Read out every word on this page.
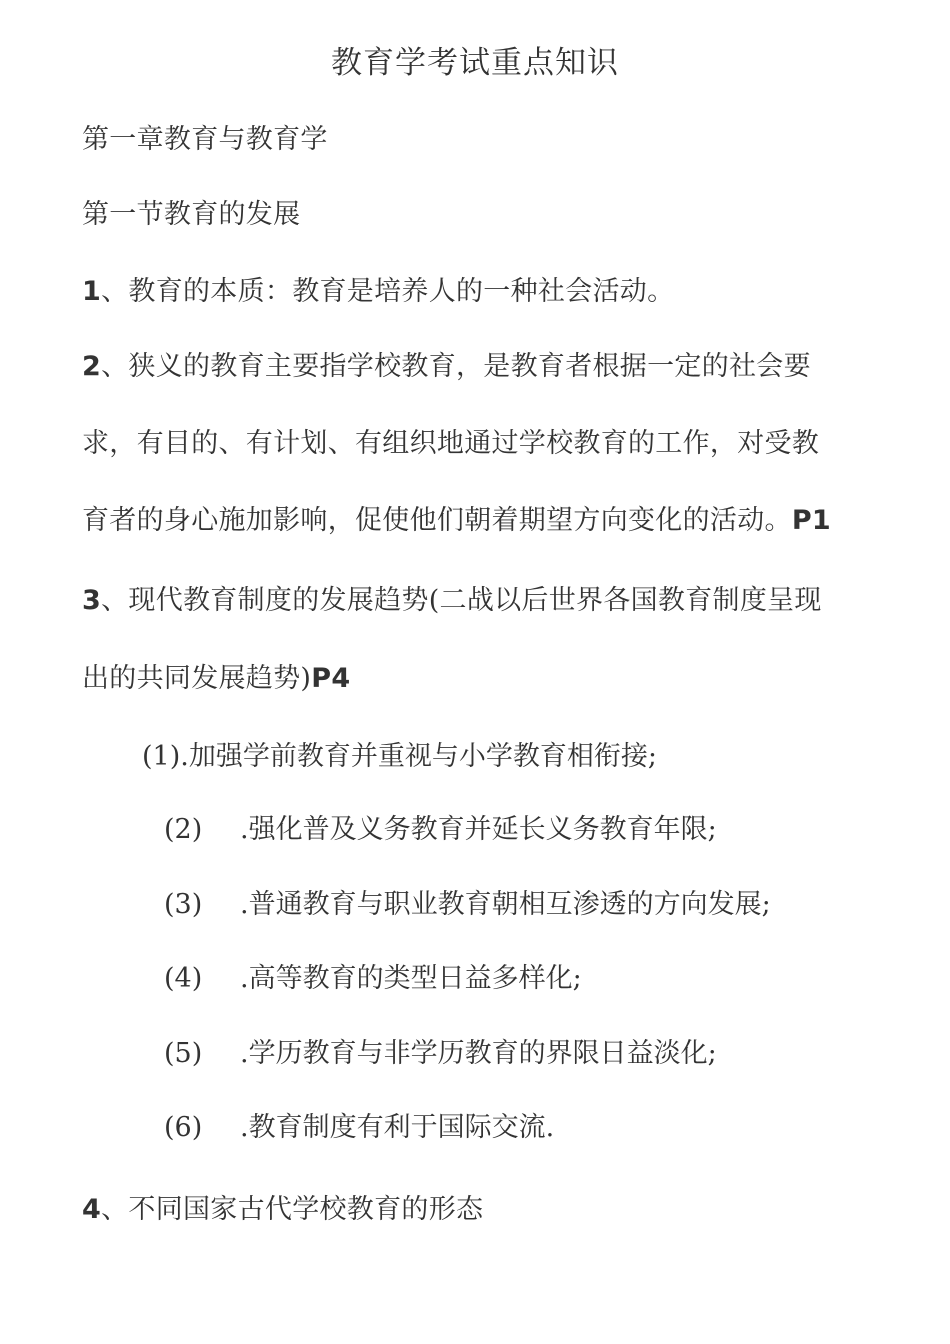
教育学考试重点知识
第一章教育与教育学
第一节教育的发展
1、教育的本质：教育是培养人的一种社会活动。
2、狭义的教育主要指学校教育，是教育者根据一定的社会要
求，有目的、有计划、有组织地通过学校教育的工作，对受教
育者的身心施加影响，促使他们朝着期望方向变化的活动。P1
3、现代教育制度的发展趋势(二战以后世界各国教育制度呈现
出的共同发展趋势)P4
(1).加强学前教育并重视与小学教育相衔接;
(2) .强化普及义务教育并延长义务教育年限;
(3) .普通教育与职业教育朝相互渗透的方向发展;
(4) .高等教育的类型日益多样化;
(5) .学历教育与非学历教育的界限日益淡化;
(6) .教育制度有利于国际交流.
4、不同国家古代学校教育的形态
